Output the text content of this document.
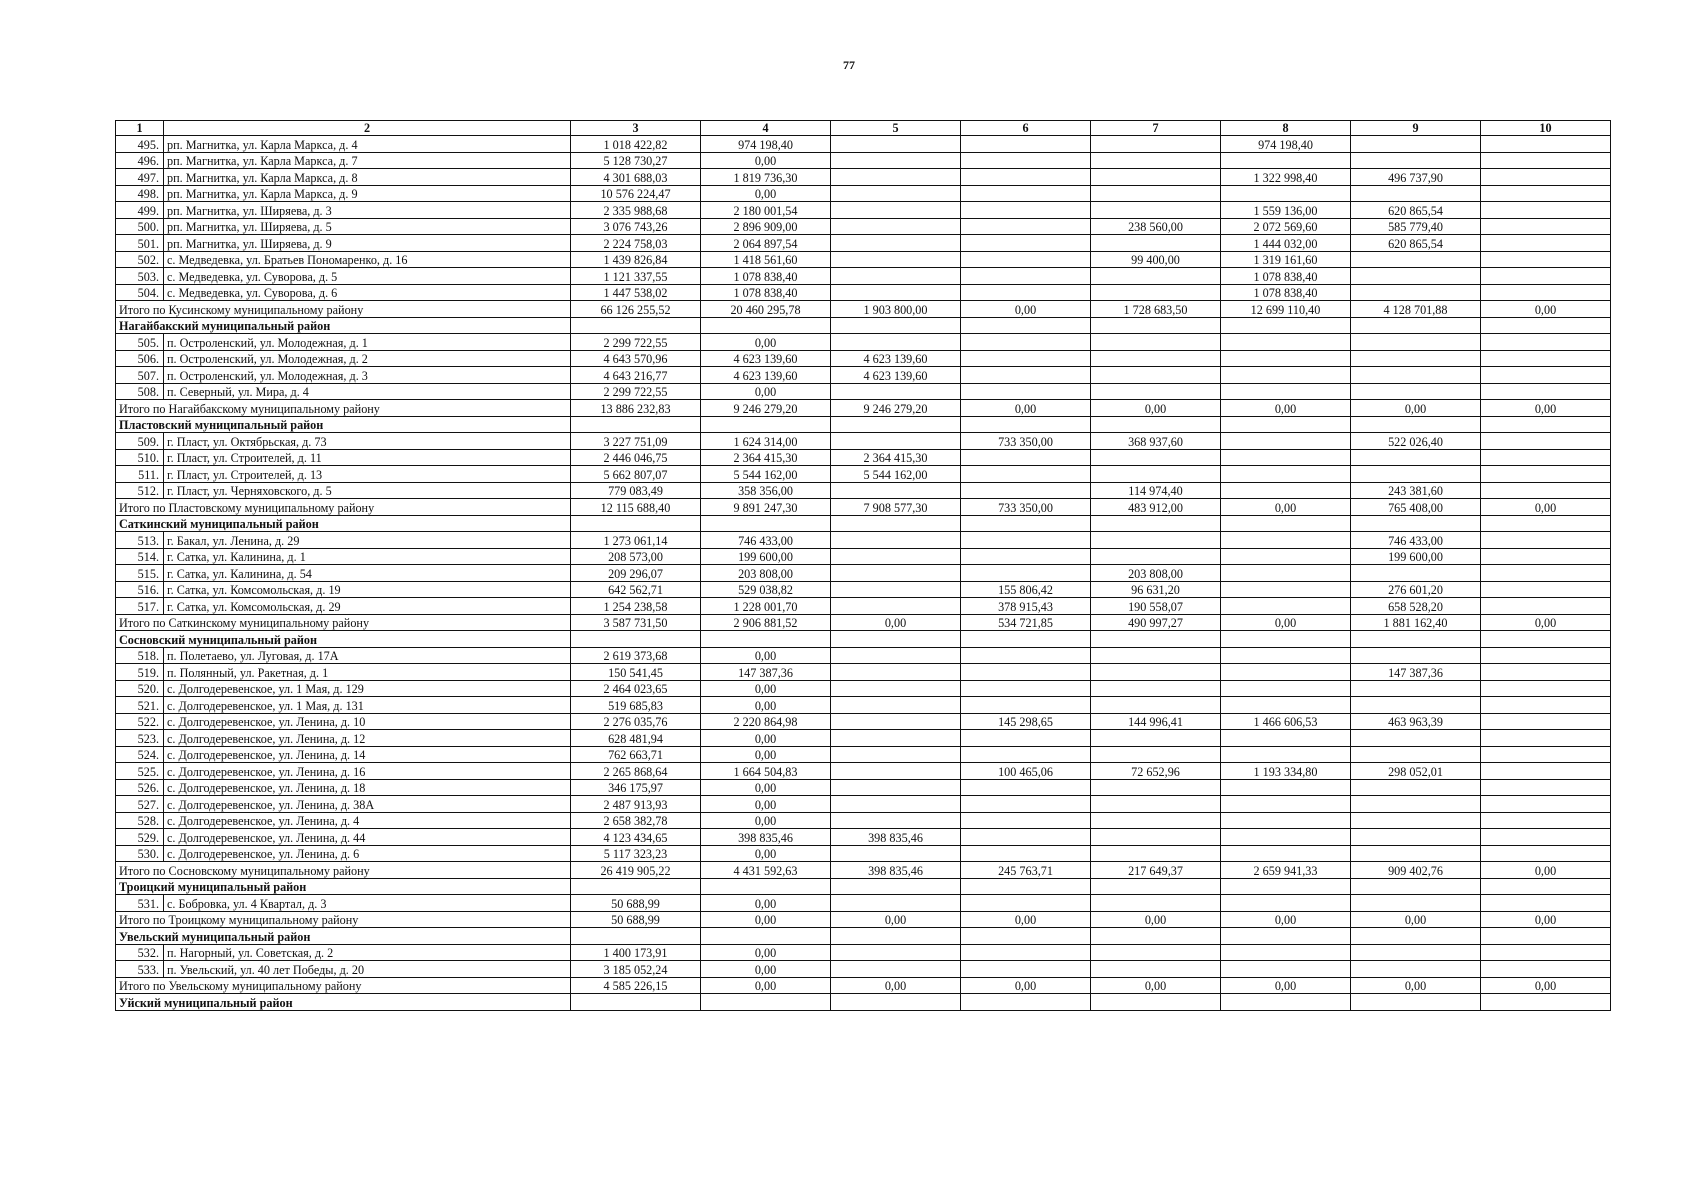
77
1	2	3	4	5	6	7	8	9	10
495.	рп. Магнитка, ул. Карла Маркса, д. 4	1 018 422,82	974 198,40				974 198,40		
496.	рп. Магнитка, ул. Карла Маркса, д. 7	5 128 730,27	0,00						
497.	рп. Магнитка, ул. Карла Маркса, д. 8	4 301 688,03	1 819 736,30				1 322 998,40	496 737,90	
498.	рп. Магнитка, ул. Карла Маркса, д. 9	10 576 224,47	0,00						
499.	рп. Магнитка, ул. Ширяева, д. 3	2 335 988,68	2 180 001,54				1 559 136,00	620 865,54	
500.	рп. Магнитка, ул. Ширяева, д. 5	3 076 743,26	2 896 909,00			238 560,00	2 072 569,60	585 779,40	
501.	рп. Магнитка, ул. Ширяева, д. 9	2 224 758,03	2 064 897,54				1 444 032,00	620 865,54	
502.	с. Медведевка, ул. Братьев Пономаренко, д. 16	1 439 826,84	1 418 561,60			99 400,00	1 319 161,60		
503.	с. Медведевка, ул. Суворова, д. 5	1 121 337,55	1 078 838,40				1 078 838,40		
504.	с. Медведевка, ул. Суворова, д. 6	1 447 538,02	1 078 838,40				1 078 838,40		
Итого по Кусинскому муниципальному району		66 126 255,52	20 460 295,78	1 903 800,00	0,00	1 728 683,50	12 699 110,40	4 128 701,88	0,00
Нагайбакский муниципальный район									
505.	п. Остроленский, ул. Молодежная, д. 1	2 299 722,55	0,00						
506.	п. Остроленский, ул. Молодежная, д. 2	4 643 570,96	4 623 139,60	4 623 139,60					
507.	п. Остроленский, ул. Молодежная, д. 3	4 643 216,77	4 623 139,60	4 623 139,60					
508.	п. Северный, ул. Мира, д. 4	2 299 722,55	0,00						
Итого по Нагайбакскому муниципальному району		13 886 232,83	9 246 279,20	9 246 279,20	0,00	0,00	0,00	0,00	0,00
Пластовский муниципальный район									
509.	г. Пласт, ул. Октябрьская, д. 73	3 227 751,09	1 624 314,00		733 350,00	368 937,60		522 026,40	
510.	г. Пласт, ул. Строителей, д. 11	2 446 046,75	2 364 415,30	2 364 415,30					
511.	г. Пласт, ул. Строителей, д. 13	5 662 807,07	5 544 162,00	5 544 162,00					
512.	г. Пласт, ул. Черняховского, д. 5	779 083,49	358 356,00			114 974,40		243 381,60	
Итого по Пластовскому муниципальному району		12 115 688,40	9 891 247,30	7 908 577,30	733 350,00	483 912,00	0,00	765 408,00	0,00
Саткинский муниципальный район									
513.	г. Бакал, ул. Ленина, д. 29	1 273 061,14	746 433,00					746 433,00	
514.	г. Сатка, ул. Калинина, д. 1	208 573,00	199 600,00					199 600,00	
515.	г. Сатка, ул. Калинина, д. 54	209 296,07	203 808,00			203 808,00			
516.	г. Сатка, ул. Комсомольская, д. 19	642 562,71	529 038,82		155 806,42	96 631,20		276 601,20	
517.	г. Сатка, ул. Комсомольская, д. 29	1 254 238,58	1 228 001,70		378 915,43	190 558,07		658 528,20	
Итого по Саткинскому муниципальному району		3 587 731,50	2 906 881,52	0,00	534 721,85	490 997,27	0,00	1 881 162,40	0,00
Сосновский муниципальный район									
518.	п. Полетаево, ул. Луговая, д. 17А	2 619 373,68	0,00						
519.	п. Полянный, ул. Ракетная, д. 1	150 541,45	147 387,36					147 387,36	
520.	с. Долгодеревенское, ул. 1 Мая, д. 129	2 464 023,65	0,00						
521.	с. Долгодеревенское, ул. 1 Мая, д. 131	519 685,83	0,00						
522.	с. Долгодеревенское, ул. Ленина, д. 10	2 276 035,76	2 220 864,98		145 298,65	144 996,41	1 466 606,53	463 963,39	
523.	с. Долгодеревенское, ул. Ленина, д. 12	628 481,94	0,00						
524.	с. Долгодеревенское, ул. Ленина, д. 14	762 663,71	0,00						
525.	с. Долгодеревенское, ул. Ленина, д. 16	2 265 868,64	1 664 504,83		100 465,06	72 652,96	1 193 334,80	298 052,01	
526.	с. Долгодеревенское, ул. Ленина, д. 18	346 175,97	0,00						
527.	с. Долгодеревенское, ул. Ленина, д. 38А	2 487 913,93	0,00						
528.	с. Долгодеревенское, ул. Ленина, д. 4	2 658 382,78	0,00						
529.	с. Долгодеревенское, ул. Ленина, д. 44	4 123 434,65	398 835,46	398 835,46					
530.	с. Долгодеревенское, ул. Ленина, д. 6	5 117 323,23	0,00						
Итого по Сосновскому муниципальному району		26 419 905,22	4 431 592,63	398 835,46	245 763,71	217 649,37	2 659 941,33	909 402,76	0,00
Троицкий муниципальный район									
531.	с. Бобровка, ул. 4 Квартал, д. 3	50 688,99	0,00						
Итого по Троицкому муниципальному району		50 688,99	0,00	0,00	0,00	0,00	0,00	0,00	0,00
Увельский муниципальный район									
532.	п. Нагорный, ул. Советская, д. 2	1 400 173,91	0,00						
533.	п. Увельский, ул. 40 лет Победы, д. 20	3 185 052,24	0,00						
Итого по Увельскому муниципальному району		4 585 226,15	0,00	0,00	0,00	0,00	0,00	0,00	0,00
Уйский муниципальный район									
